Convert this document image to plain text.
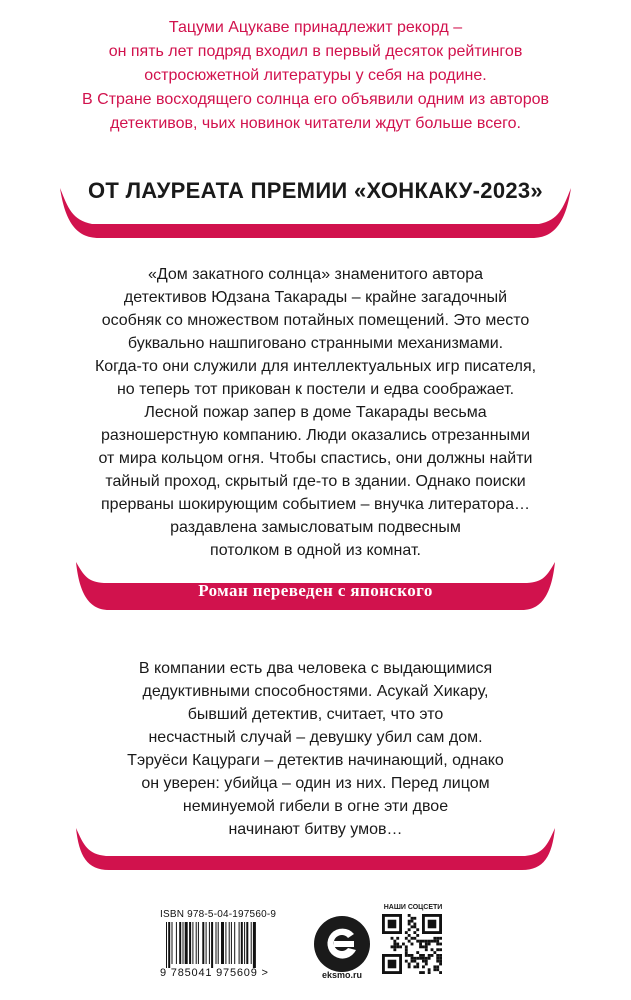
Тацуми Ацукаве принадлежит рекорд –
он пять лет подряд входил в первый десяток рейтингов
остросюжетной литературы у себя на родине.
В Стране восходящего солнца его объявили одним из авторов
детективов, чьих новинок читатели ждут больше всего.
ОТ ЛАУРЕАТА ПРЕМИИ «ХОНКАКУ-2023»
«Дом закатного солнца» знаменитого автора
детективов Юдзана Такарады – крайне загадочный
особняк со множеством потайных помещений. Это место
буквально нашпиговано странными механизмами.
Когда-то они служили для интеллектуальных игр писателя,
но теперь тот прикован к постели и едва соображает.
Лесной пожар запер в доме Такарады весьма
разношерстную компанию. Люди оказались отрезанными
от мира кольцом огня. Чтобы спастись, они должны найти
тайный проход, скрытый где-то в здании. Однако поиски
прерваны шокирующим событием – внучка литератора…
раздавлена замысловатым подвесным
потолком в одной из комнат.
Роман переведен с японского
В компании есть два человека с выдающимися
дедуктивными способностями. Асукай Хикару,
бывший детектив, считает, что это
несчастный случай – девушку убил сам дом.
Тэруёси Кацураги – детектив начинающий, однако
он уверен: убийца – один из них. Перед лицом
неминуемой гибели в огне эти двое
начинают битву умов…
ISBN 978-5-04-197560-9
9 785041 975609 >	eksmo.ru
НАШИ СОЦСЕТИ
